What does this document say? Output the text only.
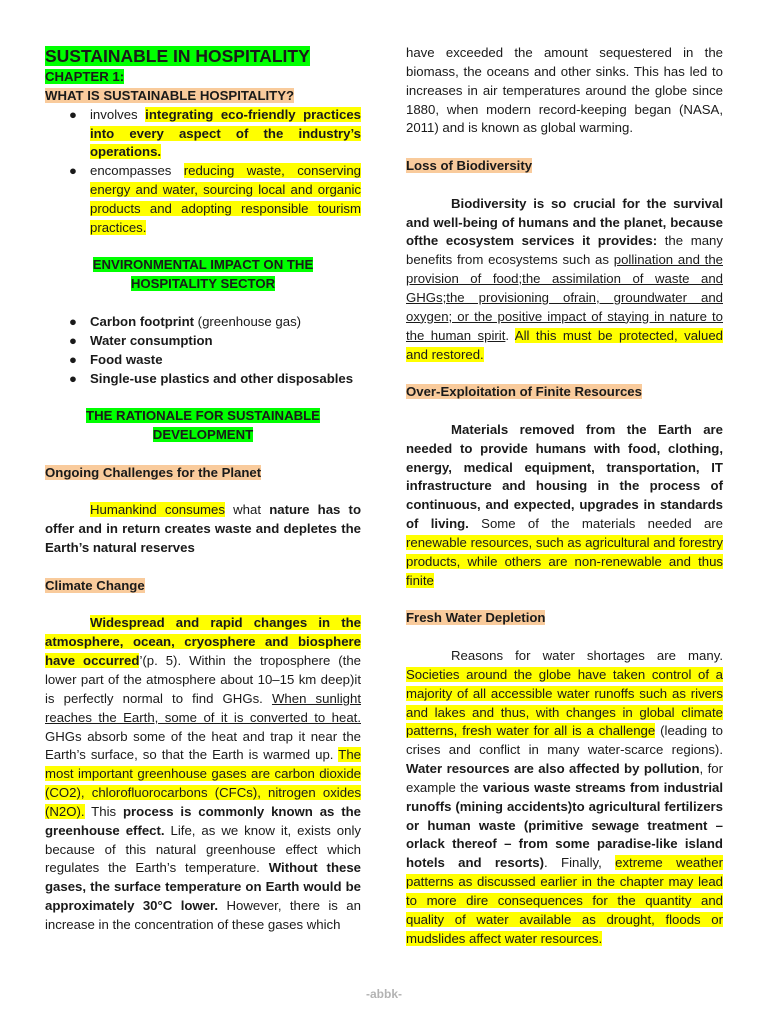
SUSTAINABLE IN HOSPITALITY

CHAPTER 1:

WHAT IS SUSTAINABLE HOSPITALITY?

● involves integrating eco-friendly practices into every aspect of the industry’s operations.
● encompasses reducing waste, conserving energy and water, sourcing local and organic products and adopting responsible tourism practices.

ENVIRONMENTAL IMPACT ON THE
HOSPITALITY SECTOR

● Carbon footprint (greenhouse gas)
● Water consumption
● Food waste
● Single-use plastics and other disposables

THE RATIONALE FOR SUSTAINABLE
DEVELOPMENT

Ongoing Challenges for the Planet

Humankind consumes what nature has to offer and in return creates waste and depletes the Earth’s natural reserves

Climate Change

Widespread and rapid changes in the atmosphere, ocean, cryosphere and biosphere have occurred’(p. 5). Within the troposphere (the lower part of the atmosphere about 10–15 km deep)it is perfectly normal to find GHGs. When sunlight reaches the Earth, some of it is converted to heat. GHGs absorb some of the heat and trap it near the Earth’s surface, so that the Earth is warmed up. The most important greenhouse gases are carbon dioxide (CO2), chlorofluorocarbons (CFCs), nitrogen oxides (N2O). This process is commonly known as the greenhouse effect. Life, as we know it, exists only because of this natural greenhouse effect which regulates the Earth’s temperature. Without these gases, the surface temperature on Earth would be approximately 30°C lower. However, there is an increase in the concentration of these gases which

have exceeded the amount sequestered in the biomass, the oceans and other sinks. This has led to increases in air temperatures around the globe since 1880, when modern record-keeping began (NASA, 2011) and is known as global warming.

Loss of Biodiversity

Biodiversity is so crucial for the survival and well-being of humans and the planet, because ofthe ecosystem services it provides: the many benefits from ecosystems such as pollination and the provision of food;the assimilation of waste and GHGs;the provisioning ofrain, groundwater and oxygen; or the positive impact of staying in nature to the human spirit. All this must be protected, valued and restored.

Over-Exploitation of Finite Resources

Materials removed from the Earth are needed to provide humans with food, clothing, energy, medical equipment, transportation, IT infrastructure and housing in the process of continuous, and expected, upgrades in standards of living. Some of the materials needed are renewable resources, such as agricultural and forestry products, while others are non-renewable and thus finite

Fresh Water Depletion

Reasons for water shortages are many. Societies around the globe have taken control of a majority of all accessible water runoffs such as rivers and lakes and thus, with changes in global climate patterns, fresh water for all is a challenge (leading to crises and conflict in many water-scarce regions). Water resources are also affected by pollution, for example the various waste streams from industrial runoffs (mining accidents)to agricultural fertilizers or human waste (primitive sewage treatment – orlack thereof – from some paradise-like island hotels and resorts). Finally, extreme weather patterns as discussed earlier in the chapter may lead to more dire consequences for the quantity and quality of water available as drought, floods or mudslides affect water resources.

-abbk-
